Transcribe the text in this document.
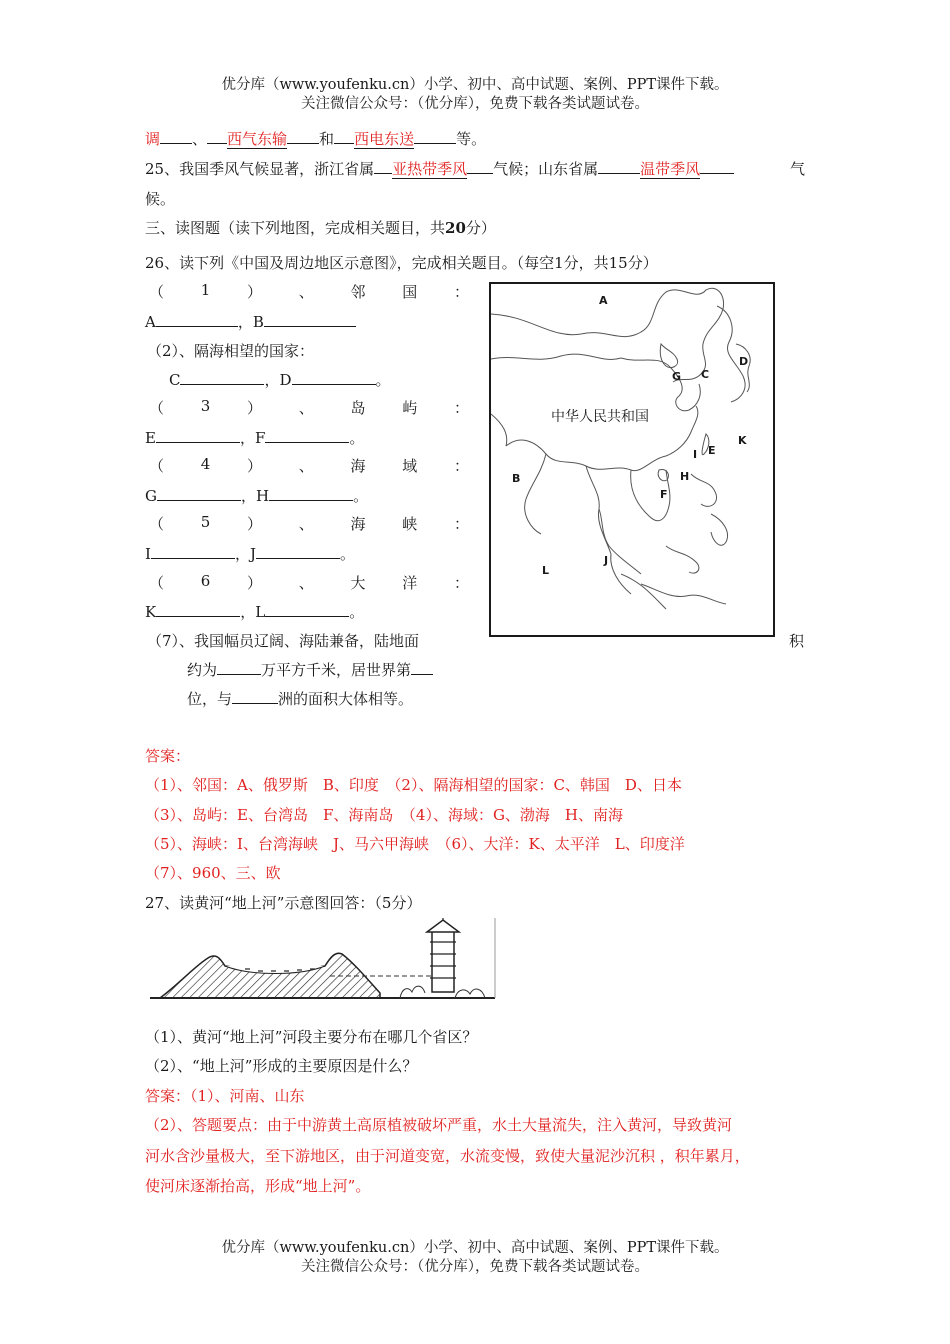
优分库（www.youfenku.cn）小学、初中、高中试题、案例、PPT课件下载。
关注微信公众号：（优分库），免费下载各类试题试卷。
调 、 西气东输 和 西电东送	等。
25、我国季风气候显著，浙江省属 亚热带季风 气候；山东省属	温带季风	气
候。
三、读图题（读下列地图，完成相关题目，共20分）
26、读下列《中国及周边地区示意图》，完成相关题目。（每空1分，共15分）
（ 1 ） 、 邻 国 ：
A	，B
（2）、隔海相望的国家：
C	，D	。
（ 3 ） 、 岛 屿 ：
E	，F	。
（ 4 ） 、 海 域 ：
G	，H	。
（ 5 ） 、 海 峡 ：
I	，J	。
（ 6 ） 、 大 洋 ：
K	，L	。
（7）、我国幅员辽阔、海陆兼备，陆地面	积
约为	万平方千米，居世界第
位，与	洲的面积大体相等。
A
B
C
D
E
F
G
H
I
J
K
L
中华人民共和国
答案：
（1）、邻国：A、俄罗斯　B、印度　（2）、隔海相望的国家：C、韩国　D、日本
（3）、岛屿：E、台湾岛　F、海南岛　（4）、海域：G、渤海　H、南海
（5）、海峡：I、台湾海峡　J、马六甲海峡　（6）、大洋：K、太平洋　L、印度洋
（7）、960、三、欧
27、读黄河“地上河”示意图回答：（5分）
（1）、黄河“地上河”河段主要分布在哪几个省区？
（2）、“地上河”形成的主要原因是什么？
答案：（1）、河南、山东
（2）、答题要点：由于中游黄土高原植被破坏严重，水土大量流失，注入黄河，导致黄河
河水含沙量极大，至下游地区，由于河道变宽，水流变慢，致使大量泥沙沉积 ，积年累月，
使河床逐渐抬高，形成“地上河”。
优分库（www.youfenku.cn）小学、初中、高中试题、案例、PPT课件下载。
关注微信公众号：（优分库），免费下载各类试题试卷。
